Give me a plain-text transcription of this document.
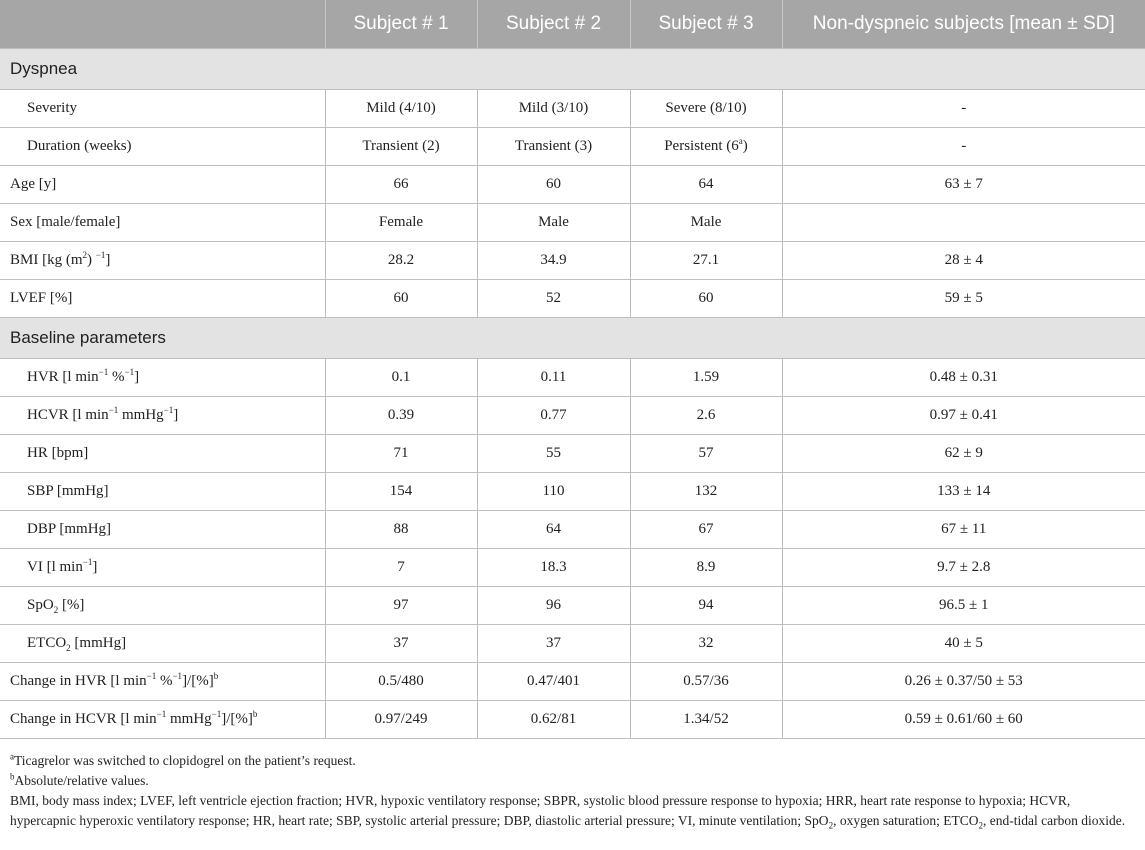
	Subject # 1	Subject # 2	Subject # 3	Non-dyspneic subjects [mean ± SD]
Dyspnea				
Severity	Mild (4/10)	Mild (3/10)	Severe (8/10)	-
Duration (weeks)	Transient (2)	Transient (3)	Persistent (6$^a$)	-
Age [y]	66	60	64	63 ± 7
Sex [male/female]	Female	Male	Male	
BMI [kg $(m^2)$ $^{-1}$]	28.2	34.9	27.1	28 ± 4
LVEF [%]	60	52	60	59 ± 5
Baseline parameters				
HVR [l $\min^{-1} \%^{-1}$]	0.1	0.11	1.59	0.48 ± 0.31
HCVR [l $\min^{-1}$ mmHg$^{-1}$]	0.39	0.77	2.6	0.97 ± 0.41
HR [bpm]	71	55	57	62 ± 9
SBP [mmHg]	154	110	132	133 ± 14
DBP [mmHg]	88	64	67	67 ± 11
VI [l $\min^{-1}$]	7	18.3	8.9	9.7 ± 2.8
SpO$_2$ [%]	97	96	94	96.5 ± 1
$ETCO_2$ [mmHg]	37	37	32	40 ± 5
Change in HVR [l $\min^{-1} \%^{-1}]/[\%]^b$	0.5/480	0.47/401	0.57/36	0.26 ± 0.37/50 ± 53
Change in HCVR [l $\min^{-1}$ mmHg$^{-1}$]/[%]$^b$	0.97/249	0.62/81	1.34/52	0.59 ± 0.61/60 ± 60

$^a$Ticagrelor was switched to clopidogrel on the patient’s request.

$^b$Absolute/relative values.

BMI, body mass index; LVEF, left ventricle ejection fraction; HVR, hypoxic ventilatory response; SBPR, systolic blood pressure response to hypoxia; HRR, heart rate response to hypoxia; HCVR, hypercapnic hyperoxic ventilatory response; HR, heart rate; SBP, systolic arterial pressure; DBP, diastolic arterial pressure; VI, minute ventilation; SpO$_2$, oxygen saturation; $ETCO_2$, end-tidal carbon dioxide.
